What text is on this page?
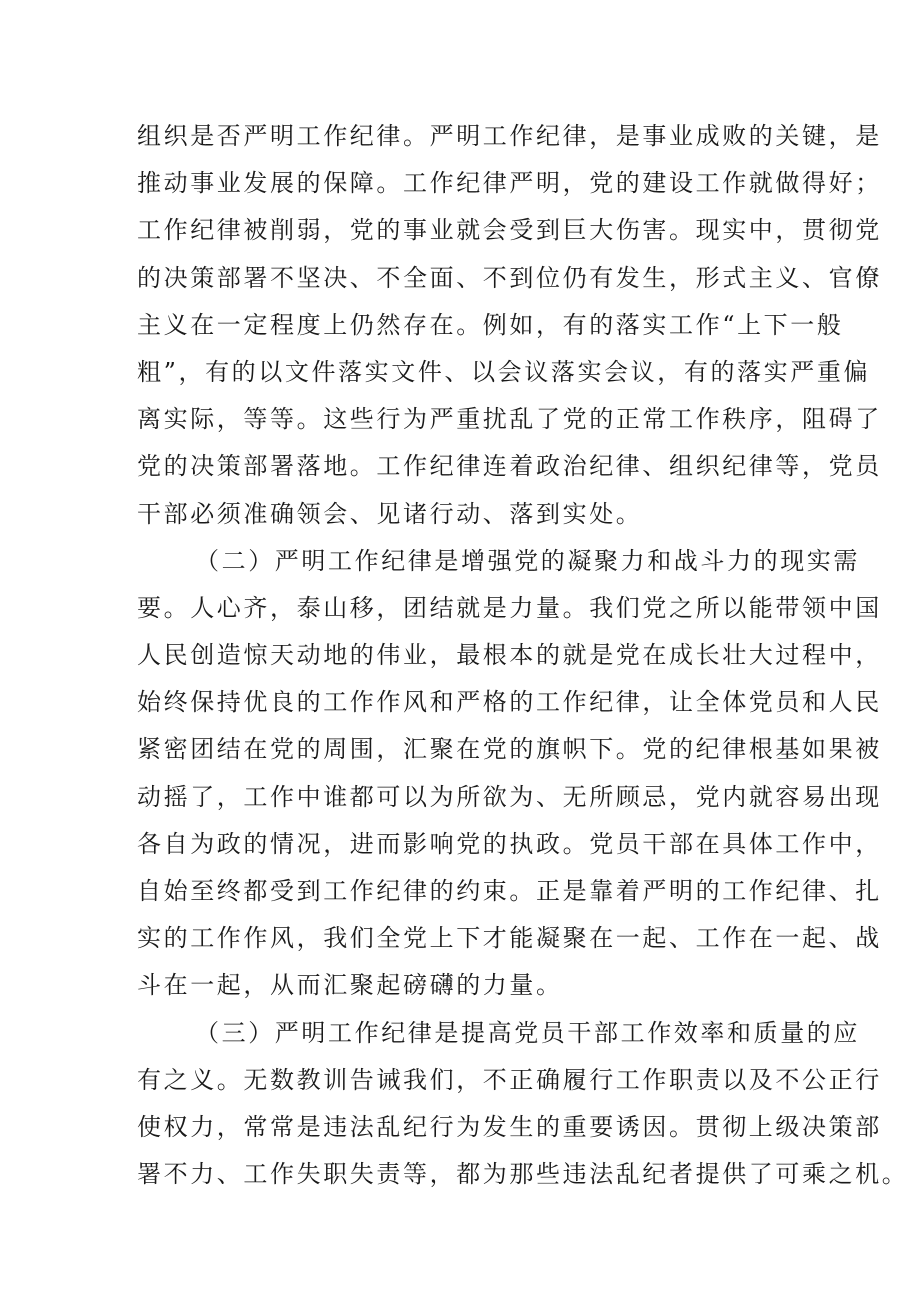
组织是否严明工作纪律。严明工作纪律，是事业成败的关键，是
推动事业发展的保障。工作纪律严明，党的建设工作就做得好；
工作纪律被削弱，党的事业就会受到巨大伤害。现实中，贯彻党
的决策部署不坚决、不全面、不到位仍有发生，形式主义、官僚
主义在一定程度上仍然存在。例如，有的落实工作“上下一般
粗”，有的以文件落实文件、以会议落实会议，有的落实严重偏
离实际，等等。这些行为严重扰乱了党的正常工作秩序，阻碍了
党的决策部署落地。工作纪律连着政治纪律、组织纪律等，党员
干部必须准确领会、见诸行动、落到实处。
（二）严明工作纪律是增强党的凝聚力和战斗力的现实需
要。人心齐，泰山移，团结就是力量。我们党之所以能带领中国
人民创造惊天动地的伟业，最根本的就是党在成长壮大过程中，
始终保持优良的工作作风和严格的工作纪律，让全体党员和人民
紧密团结在党的周围，汇聚在党的旗帜下。党的纪律根基如果被
动摇了，工作中谁都可以为所欲为、无所顾忌，党内就容易出现
各自为政的情况，进而影响党的执政。党员干部在具体工作中，
自始至终都受到工作纪律的约束。正是靠着严明的工作纪律、扎
实的工作作风，我们全党上下才能凝聚在一起、工作在一起、战
斗在一起，从而汇聚起磅礴的力量。
（三）严明工作纪律是提高党员干部工作效率和质量的应
有之义。无数教训告诫我们，不正确履行工作职责以及不公正行
使权力，常常是违法乱纪行为发生的重要诱因。贯彻上级决策部
署不力、工作失职失责等，都为那些违法乱纪者提供了可乘之机。
